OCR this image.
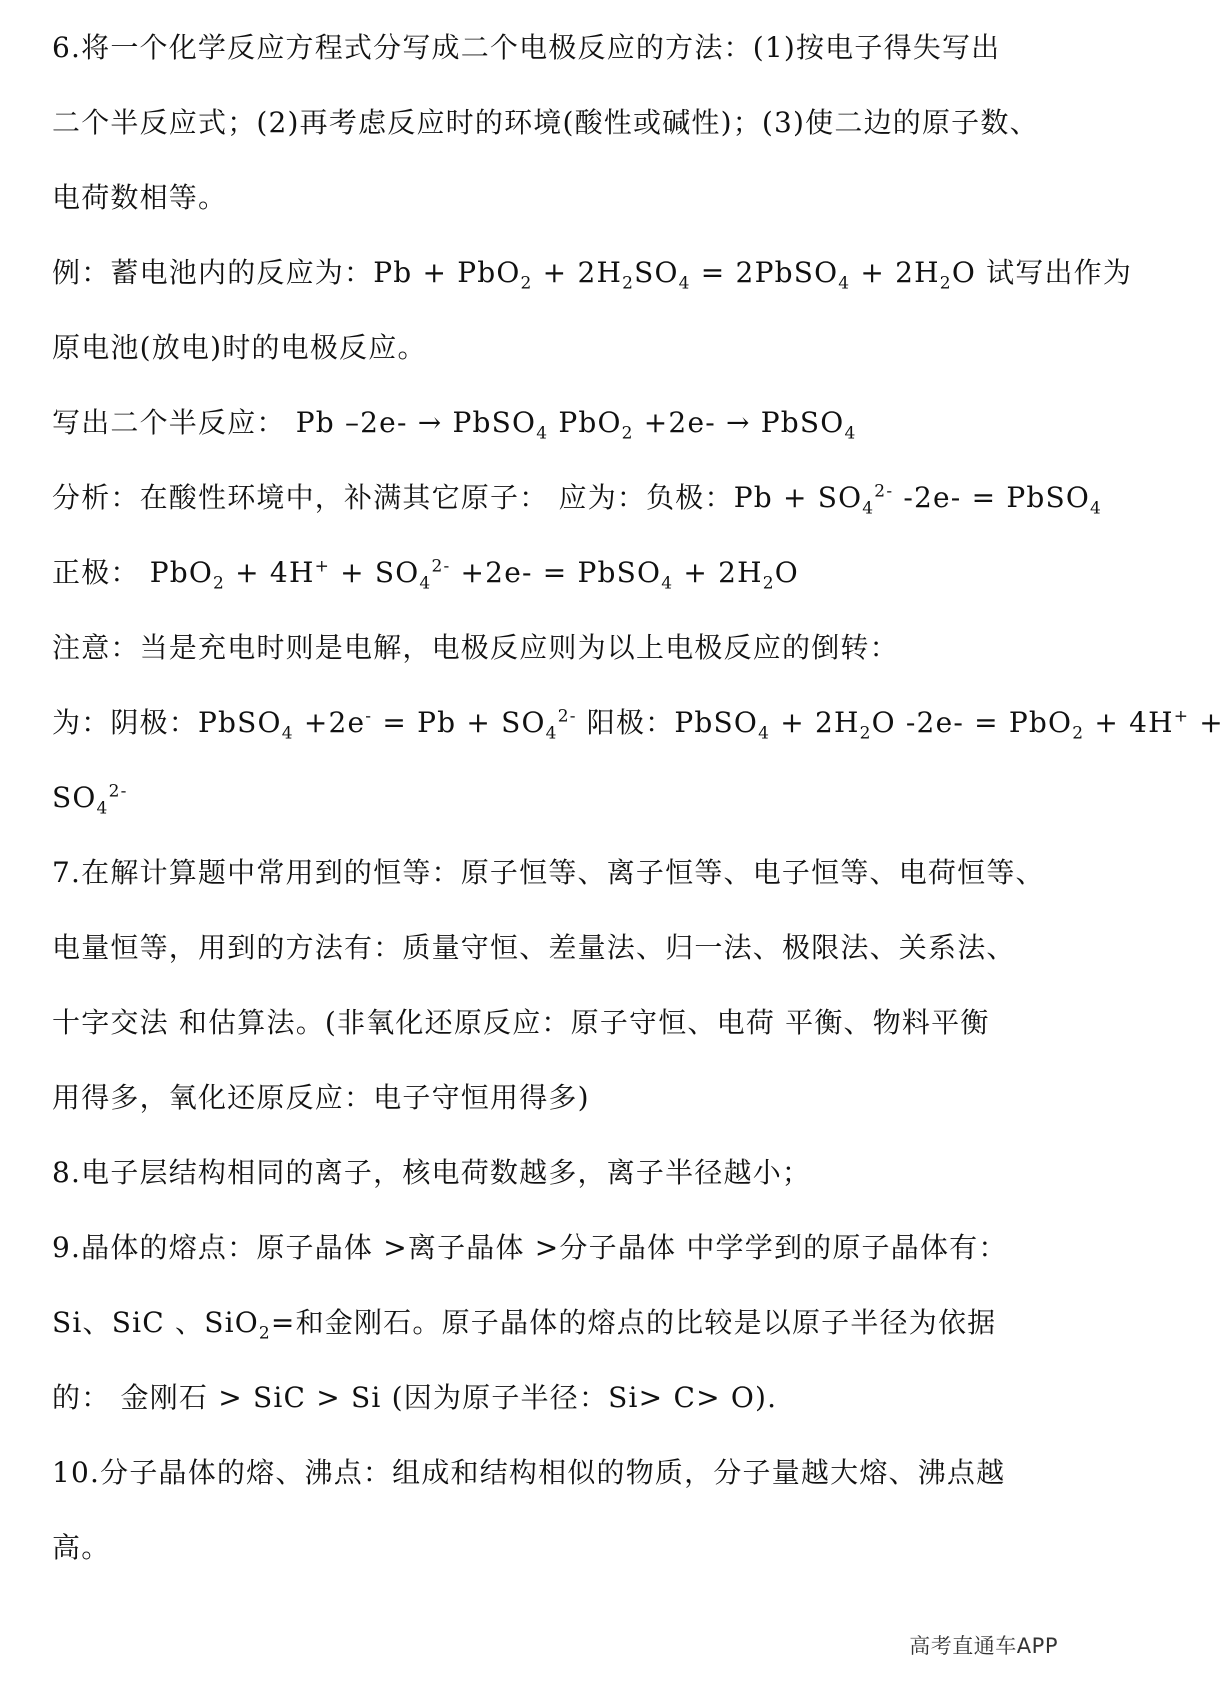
6.将一个化学反应方程式分写成二个电极反应的方法：(1)按电子得失写出
二个半反应式；(2)再考虑反应时的环境(酸性或碱性)；(3)使二边的原子数、
电荷数相等。
例：蓄电池内的反应为：$Pb + PbO_2 + 2H_2SO_4$ = 2PbSO$_4$ + $2H_2O$ 试写出作为
原电池(放电)时的电极反应。
写出二个半反应： Pb –2e- → PbSO$_4$ PbO$_2$ +2e- → PbSO$_4$
分析：在酸性环境中，补满其它原子： 应为：负极：$Pb + SO_4^{2-}$ -2e- = PbSO$_4$
正极： $PbO_2 + 4H^+ + SO_4^{2-} +2e-$ = PbSO$_4$ + $2H_2O$
注意：当是充电时则是电解，电极反应则为以上电极反应的倒转：
为：阴极：PbSO$_4$ $+2e^- = Pb + SO_4^{2-}$ 阳极：PbSO$_4$ + $2H_2O$ -2e- = PbO$_2$ + 4H+ +
$SO_4^{2-}$
7.在解计算题中常用到的恒等：原子恒等、离子恒等、电子恒等、电荷恒等、
电量恒等，用到的方法有：质量守恒、差量法、归一法、极限法、关系法、
十字交法 和估算法。(非氧化还原反应：原子守恒、电荷 平衡、物料平衡
用得多，氧化还原反应：电子守恒用得多)
8.电子层结构相同的离子，核电荷数越多，离子半径越小；
9.晶体的熔点：原子晶体 >离子晶体 >分子晶体 中学学到的原子晶体有：
Si、SiC 、SiO$_2$=和金刚石。原子晶体的熔点的比较是以原子半径为依据
的： 金刚石 > SiC > Si (因为原子半径：Si> C> O).
10.分子晶体的熔、沸点：组成和结构相似的物质，分子量越大熔、沸点越
高。
高考直通车APP
